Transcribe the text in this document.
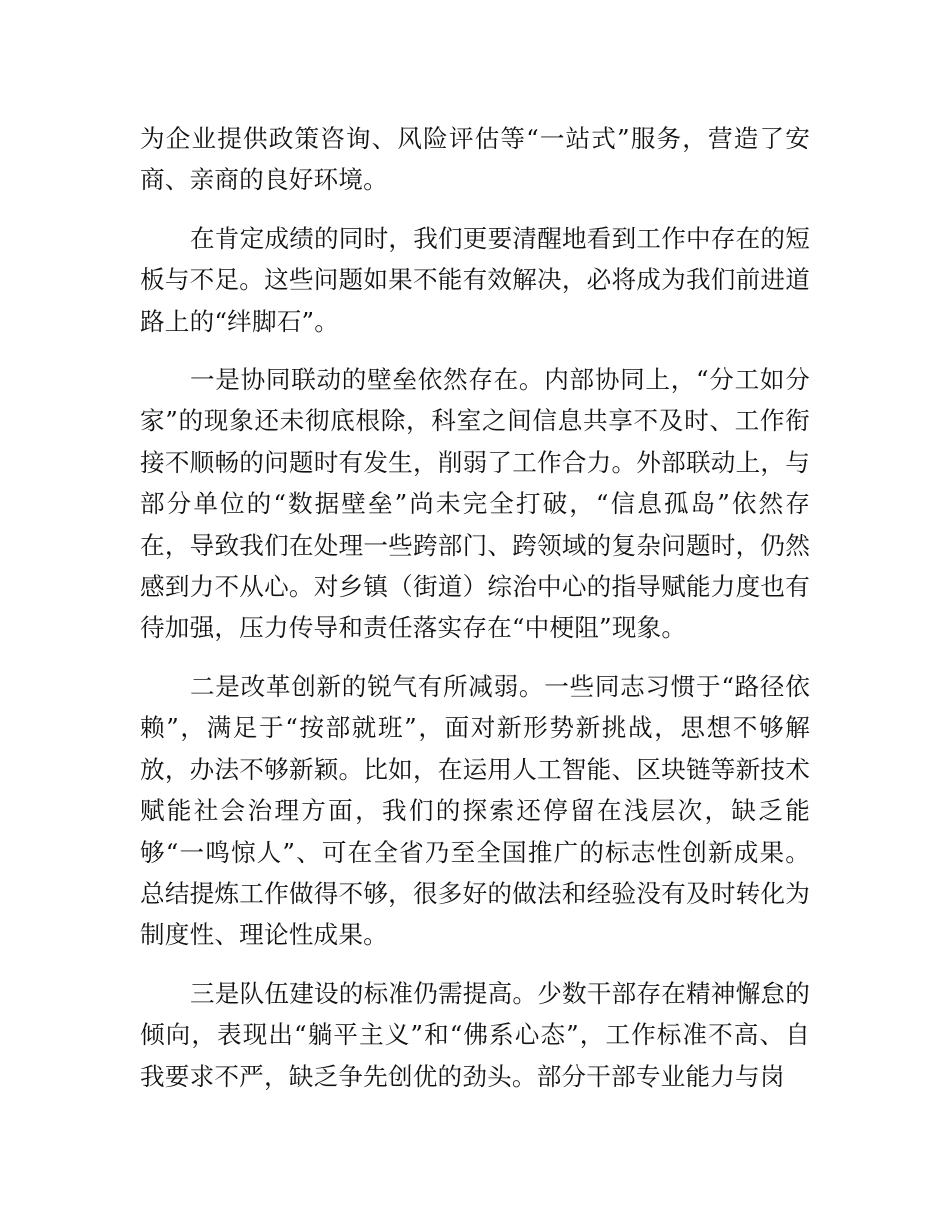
为企业提供政策咨询、风险评估等“一站式”服务，营造了安商、亲商的良好环境。

在肯定成绩的同时，我们更要清醒地看到工作中存在的短板与不足。这些问题如果不能有效解决，必将成为我们前进道路上的“绊脚石”。

一是协同联动的壁垒依然存在。内部协同上，“分工如分家”的现象还未彻底根除，科室之间信息共享不及时、工作衔接不顺畅的问题时有发生，削弱了工作合力。外部联动上，与部分单位的“数据壁垒”尚未完全打破，“信息孤岛”依然存在，导致我们在处理一些跨部门、跨领域的复杂问题时，仍然感到力不从心。对乡镇（街道）综治中心的指导赋能力度也有待加强，压力传导和责任落实存在“中梗阻”现象。

二是改革创新的锐气有所减弱。一些同志习惯于“路径依赖”，满足于“按部就班”，面对新形势新挑战，思想不够解放，办法不够新颖。比如，在运用人工智能、区块链等新技术赋能社会治理方面，我们的探索还停留在浅层次，缺乏能够“一鸣惊人”、可在全省乃至全国推广的标志性创新成果。总结提炼工作做得不够，很多好的做法和经验没有及时转化为制度性、理论性成果。

三是队伍建设的标准仍需提高。少数干部存在精神懈怠的倾向，表现出“躺平主义”和“佛系心态”，工作标准不高、自我要求不严，缺乏争先创优的劲头。部分干部专业能力与岗
